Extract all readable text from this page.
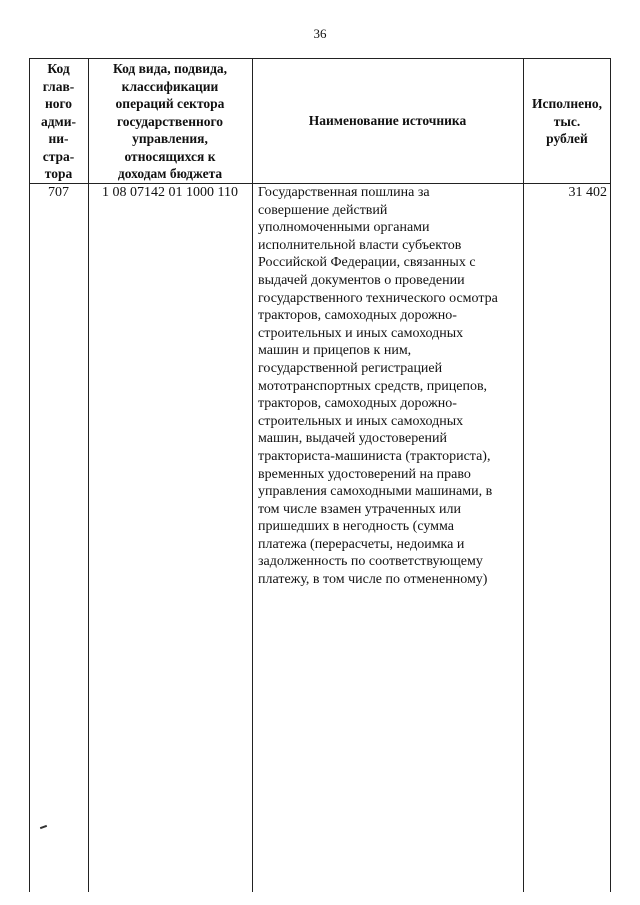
36
Код
глав-
ного
адми-
ни-
стра-
тора
Код вида, подвида,
классификации
операций сектора
государственного
управления,
относящихся к
доходам бюджета
Наименование источника
Исполнено,
тыс.
рублей
707	1 08 07142 01 1000 110	Государственная пошлина за
совершение действий
уполномоченными органами
исполнительной власти субъектов
Российской Федерации, связанных с
выдачей документов о проведении
государственного технического осмотра
тракторов, самоходных дорожно-
строительных и иных самоходных
машин и прицепов к ним,
государственной регистрацией
мототранспортных средств, прицепов,
тракторов, самоходных дорожно-
строительных и иных самоходных
машин, выдачей удостоверений
тракториста-машиниста (тракториста),
временных удостоверений на право
управления самоходными машинами, в
том числе взамен утраченных или
пришедших в негодность (сумма
платежа (перерасчеты, недоимка и
задолженность по соответствующему
платежу, в том числе по отмененному)
31 402
